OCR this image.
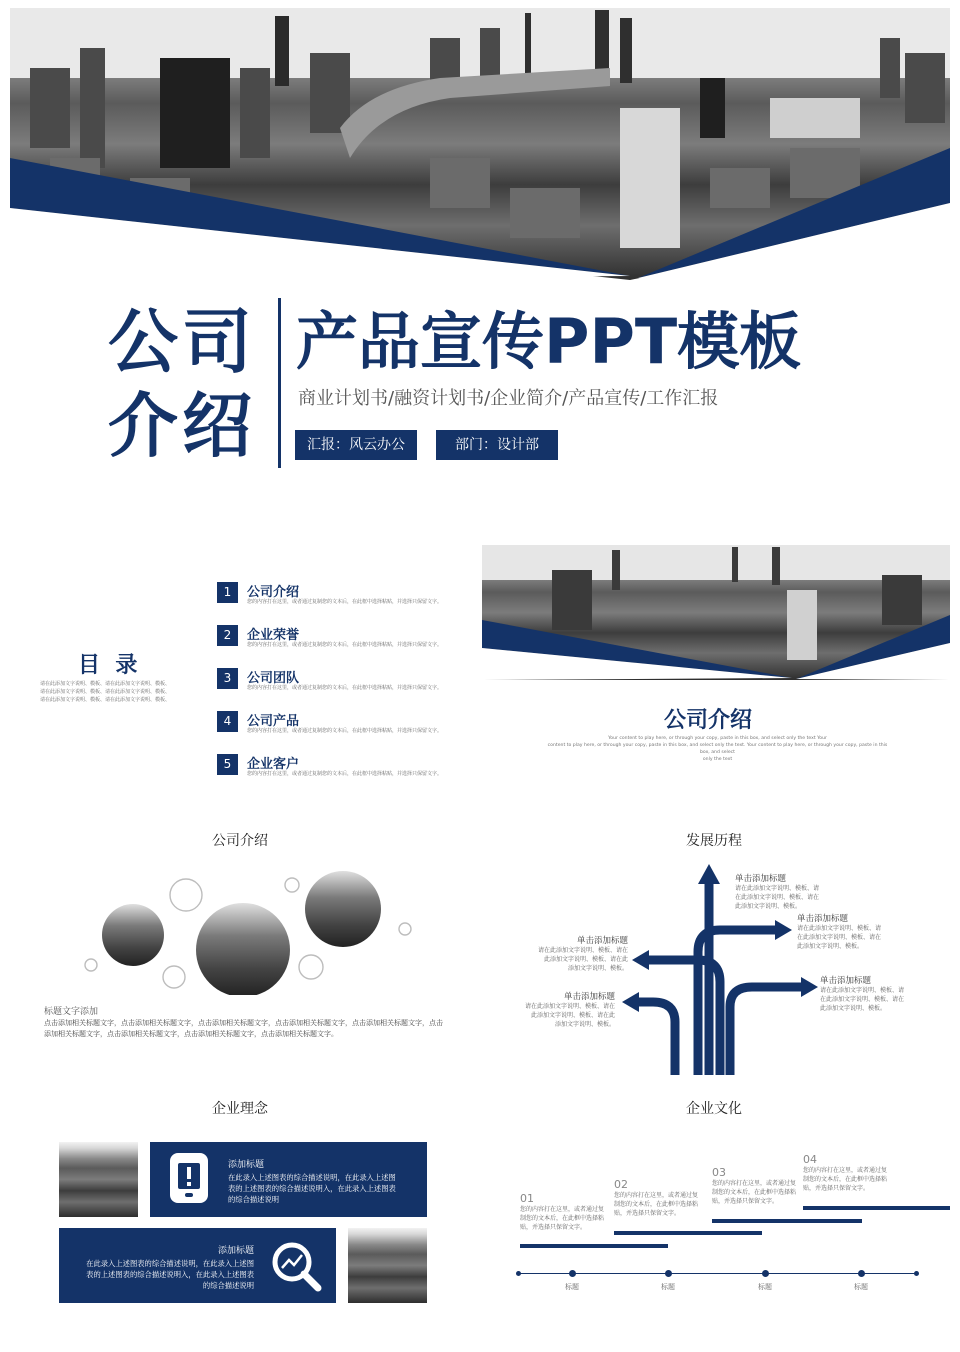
公司
介绍
产品宣传PPT模板
商业计划书/融资计划书/企业简介/产品宣传/工作汇报
汇报：风云办公	部门：设计部
目  录
请在此添加文字说明、模板、请在此添加文字说明、模板、
请在此添加文字说明、模板、请在此添加文字说明、模板、
请在此添加文字说明、模板、请在此添加文字说明、模板、
1	公司介绍
您的内容打在这里，或者通过复制您的文本后，在此框中选择粘贴，并选择只保留文字。
2	企业荣誉
您的内容打在这里，或者通过复制您的文本后，在此框中选择粘贴，并选择只保留文字。
3	公司团队
您的内容打在这里，或者通过复制您的文本后，在此框中选择粘贴，并选择只保留文字。
4	公司产品
您的内容打在这里，或者通过复制您的文本后，在此框中选择粘贴，并选择只保留文字。
5	企业客户
您的内容打在这里，或者通过复制您的文本后，在此框中选择粘贴，并选择只保留文字。
公司介绍
Your content to play here, or through your copy, paste in this box, and select only the text Your
content to play here, or through your copy, paste in this box, and select only the text. Your content to play here, or through your copy, paste in this box, and select
only the text
公司介绍
标题文字添加
点击添加相关标题文字，点击添加相关标题文字，点击添加相关标题文字，点击添加相关标题文字，点击添加相关标题文字，点击
添加相关标题文字，点击添加相关标题文字，点击添加相关标题文字，点击添加相关标题文字。
发展历程
单击添加标题
请在此添加文字说明、模板、请
在此添加文字说明、模板、请在
此添加文字说明、模板。
单击添加标题
请在此添加文字说明、模板、请
在此添加文字说明、模板、请在
此添加文字说明、模板。
单击添加标题
请在此添加文字说明、模板、请在
此添加文字说明、模板、请在此
添加文字说明、模板。
单击添加标题
请在此添加文字说明、模板、请
在此添加文字说明、模板、请在
此添加文字说明、模板。
单击添加标题
请在此添加文字说明、模板、请在
此添加文字说明、模板、请在此
添加文字说明、模板。
企业理念
添加标题
在此录入上述图表的综合描述说明，在此录入上述图
表的上述图表的综合描述说明入，在此录入上述图表
的综合描述说明
添加标题
在此录入上述图表的综合描述说明，在此录入上述图
表的上述图表的综合描述说明入，在此录入上述图表
的综合描述说明
企业文化
01
您的内容打在这里，或者通过复
制您的文本后，在此框中选择粘
贴，并选择只保留文字。
02
您的内容打在这里，或者通过复
制您的文本后，在此框中选择粘
贴，并选择只保留文字。
03
您的内容打在这里，或者通过复
制您的文本后，在此框中选择粘
贴，并选择只保留文字。
04
您的内容打在这里，或者通过复
制您的文本后，在此框中选择粘
贴，并选择只保留文字。
标题	标题	标题	标题
